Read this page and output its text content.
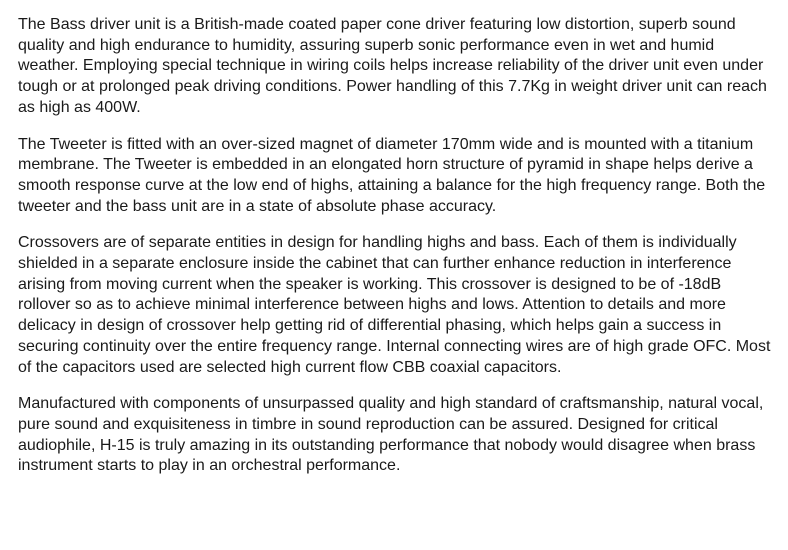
The Bass driver unit is a British-made coated paper cone driver featuring low distortion, superb sound quality and high endurance to humidity, assuring superb sonic performance even in wet and humid weather. Employing special technique in wiring coils helps increase reliability of the driver unit even under tough or at prolonged peak driving conditions. Power handling of this 7.7Kg in weight driver unit can reach as high as 400W.

The Tweeter is fitted with an over-sized magnet of diameter 170mm wide and is mounted with a titanium membrane. The Tweeter is embedded in an elongated horn structure of pyramid in shape helps derive a smooth response curve at the low end of highs, attaining a balance for the high frequency range. Both the tweeter and the bass unit are in a state of absolute phase accuracy.

Crossovers are of separate entities in design for handling highs and bass. Each of them is individually shielded in a separate enclosure inside the cabinet that can further enhance reduction in interference arising from moving current when the speaker is working. This crossover is designed to be of -18dB rollover so as to achieve minimal interference between highs and lows. Attention to details and more delicacy in design of crossover help getting rid of differential phasing, which helps gain a success in securing continuity over the entire frequency range. Internal connecting wires are of high grade OFC. Most of the capacitors used are selected high current flow CBB coaxial capacitors.

Manufactured with components of unsurpassed quality and high standard of craftsmanship, natural vocal, pure sound and exquisiteness in timbre in sound reproduction can be assured. Designed for critical audiophile, H-15 is truly amazing in its outstanding performance that nobody would disagree when brass instrument starts to play in an orchestral performance.
